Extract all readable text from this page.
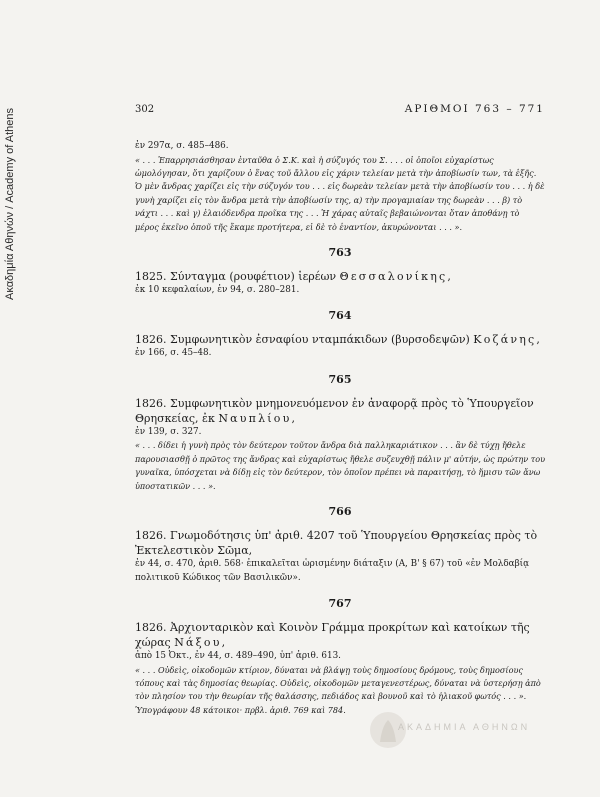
Ακαδημία Αθηνών / Academy of Athens	302	ΑΡΙΘΜΟΙ 763 – 771

ἐν 297α, σ. 485–486.

« . . . Ἐπαρρησιάσθησαν ἐνταῦθα ὁ Σ.Κ. καὶ ἡ σύζυγός του Σ. . . . οἱ ὁποῖοι εὐχαρίστως ὡμολόγησαν, ὅτι χαρίζουν ὁ ἕνας τοῦ ἄλλου εἰς χάριν τελείαν μετὰ τὴν ἀποβίωσίν των, τὰ ἑξῆς. Ὁ μὲν ἄνδρας χαρίζει εἰς τὴν σύζυγόν του . . . εἰς δωρεὰν τελείαν μετὰ τὴν ἀποβίωσίν του . . . ἡ δὲ γυνὴ χαρίζει εἰς τὸν ἄνδρα μετὰ τὴν ἀποβίωσίν της, α) τὴν προγαμιαίαν της δωρεὰν . . . β) τὸ νάχτι . . . καὶ γ) ἐλαιόδενδρα προῖκα της . . . Ἡ χάρας αὐταῖς βεβαιώνονται ὅταν ἀποθάνῃ τὸ μέρος ἐκεῖνο ὁποῦ τῆς ἔκαμε προτήτερα, εἰ δὲ τὸ ἐναντίον, ἀκυρώνονται . . . ».

763

1825. Σύνταγμα (ρουφέτιον) ἱερέων Θεσσαλονίκης,

ἐκ 10 κεφαλαίων, ἐν 94, σ. 280–281.

764

1826. Συμφωνητικὸν ἐσναφίου νταμπάκιδων (βυρσοδεψῶν) Κοζάνης,

ἐν 166, σ. 45–48.

765

1826. Συμφωνητικὸν μνημονευόμενον ἐν ἀναφορᾷ πρὸς τὸ Ὑπουργεῖον Θρησκείας, ἐκ Ναυπλίου,

ἐν 139, σ. 327.

« . . . δίδει ἡ γυνὴ πρὸς τὸν δεύτερον τοῦτον ἄνδρα διὰ παλληκαριάτικον . . . ἂν δὲ τύχῃ ἤθελε παρουσιασθῇ ὁ πρῶτος της ἄνδρας καὶ εὐχαρίστως ἤθελε συζευχθῇ πάλιν μ' αὐτήν, ὡς πρώτην του γυναῖκα, ὑπόσχεται νὰ δίδῃ εἰς τὸν δεύτερον, τὸν ὁποῖον πρέπει νὰ παραιτήσῃ, τὸ ἥμισυ τῶν ἄνω ὑποστατικῶν . . . ».

766

1826. Γνωμοδότησις ὑπ' ἀριθ. 4207 τοῦ Ὑπουργείου Θρησκείας πρὸς τὸ Ἐκτελεστικὸν Σῶμα,

ἐν 44, σ. 470, ἀριθ. 568· ἐπικαλεῖται ὡρισμένην διάταξιν (Α, Β' § 67) τοῦ «ἐν Μολδαβίᾳ πολιτικοῦ Κώδικος τῶν Βασιλικῶν».

767

1826. Ἀρχιονταρικὸν καὶ Κοινὸν Γράμμα προκρίτων καὶ κατοίκων τῆς χώρας Νάξου,

ἀπὸ 15 Ὀκτ., ἐν 44, σ. 489–490, ὑπ' ἀριθ. 613.

« . . . Οὐδεὶς, οἰκοδομῶν κτίριον, δύναται νὰ βλάψῃ τοὺς δημοσίους δρόμους, τοὺς δημοσίους τόπους καὶ τὰς δημοσίας θεωρίας. Οὐδεὶς, οἰκοδομῶν μεταγενεστέρως, δύναται νὰ ὑστερήσῃ ἀπὸ τὸν πλησίον του τὴν θεωρίαν τῆς θαλάσσης, πεδιάδος καὶ βουνοῦ καὶ τὸ ἡλιακοῦ φωτός . . . ». Ὑπογράφουν 48 κάτοικοι· πρβλ. ἀριθ. 769 καὶ 784.

ΑΚΑΔΗΜΙΑ ΑΘΗΝΩΝ
